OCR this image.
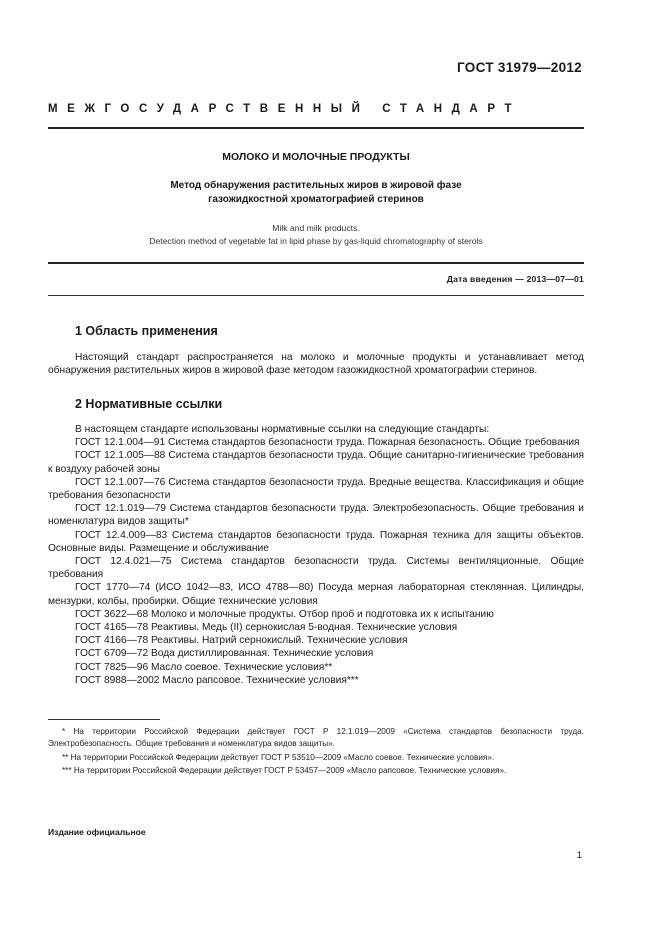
ГОСТ 31979—2012
МЕЖГОСУДАРСТВЕННЫЙ СТАНДАРТ
МОЛОКО И МОЛОЧНЫЕ ПРОДУКТЫ
Метод обнаружения растительных жиров в жировой фазе
газожидкостной хроматографией стеринов
Milk and milk products.
Detection method of vegetable fat in lipid phase by gas-liquid chromatography of sterols
Дата введения — 2013—07—01
1 Область применения

Настоящий стандарт распространяется на молоко и молочные продукты и устанавливает метод обнаружения растительных жиров в жировой фазе методом газожидкостной хроматографии стеринов.

2 Нормативные ссылки

В настоящем стандарте использованы нормативные ссылки на следующие стандарты:

ГОСТ 12.1.004—91 Система стандартов безопасности труда. Пожарная безопасность. Общие требования

ГОСТ 12.1.005—88 Система стандартов безопасности труда. Общие санитарно-гигиенические требования к воздуху рабочей зоны

ГОСТ 12.1.007—76 Система стандартов безопасности труда. Вредные вещества. Классификация и общие требования безопасности

ГОСТ 12.1.019—79 Система стандартов безопасности труда. Электробезопасность. Общие требования и номенклатура видов защиты*

ГОСТ 12.4.009—83 Система стандартов безопасности труда. Пожарная техника для защиты объектов. Основные виды. Размещение и обслуживание

ГОСТ 12.4.021—75 Система стандартов безопасности труда. Системы вентиляционные. Общие требования

ГОСТ 1770—74 (ИСО 1042—83, ИСО 4788—80) Посуда мерная лабораторная стеклянная. Цилиндры, мензурки, колбы, пробирки. Общие технические условия

ГОСТ 3622—68 Молоко и молочные продукты. Отбор проб и подготовка их к испытанию

ГОСТ 4165—78 Реактивы. Медь (II) сернокислая 5-водная. Технические условия

ГОСТ 4166—78 Реактивы. Натрий сернокислый. Технические условия

ГОСТ 6709—72 Вода дистиллированная. Технические условия

ГОСТ 7825—96 Масло соевое. Технические условия**

ГОСТ 8988—2002 Масло рапсовое. Технические условия***

* На территории Российской Федерации действует ГОСТ Р 12.1.019—2009 «Система стандартов безопасности труда. Электробезопасность. Общие требования и номенклатура видов защиты».

** На территории Российской Федерации действует ГОСТ Р 53510—2009 «Масло соевое. Технические условия».

*** На территории Российской Федерации действует ГОСТ Р 53457—2009 «Масло рапсовое. Технические условия».

Издание официальное
1
